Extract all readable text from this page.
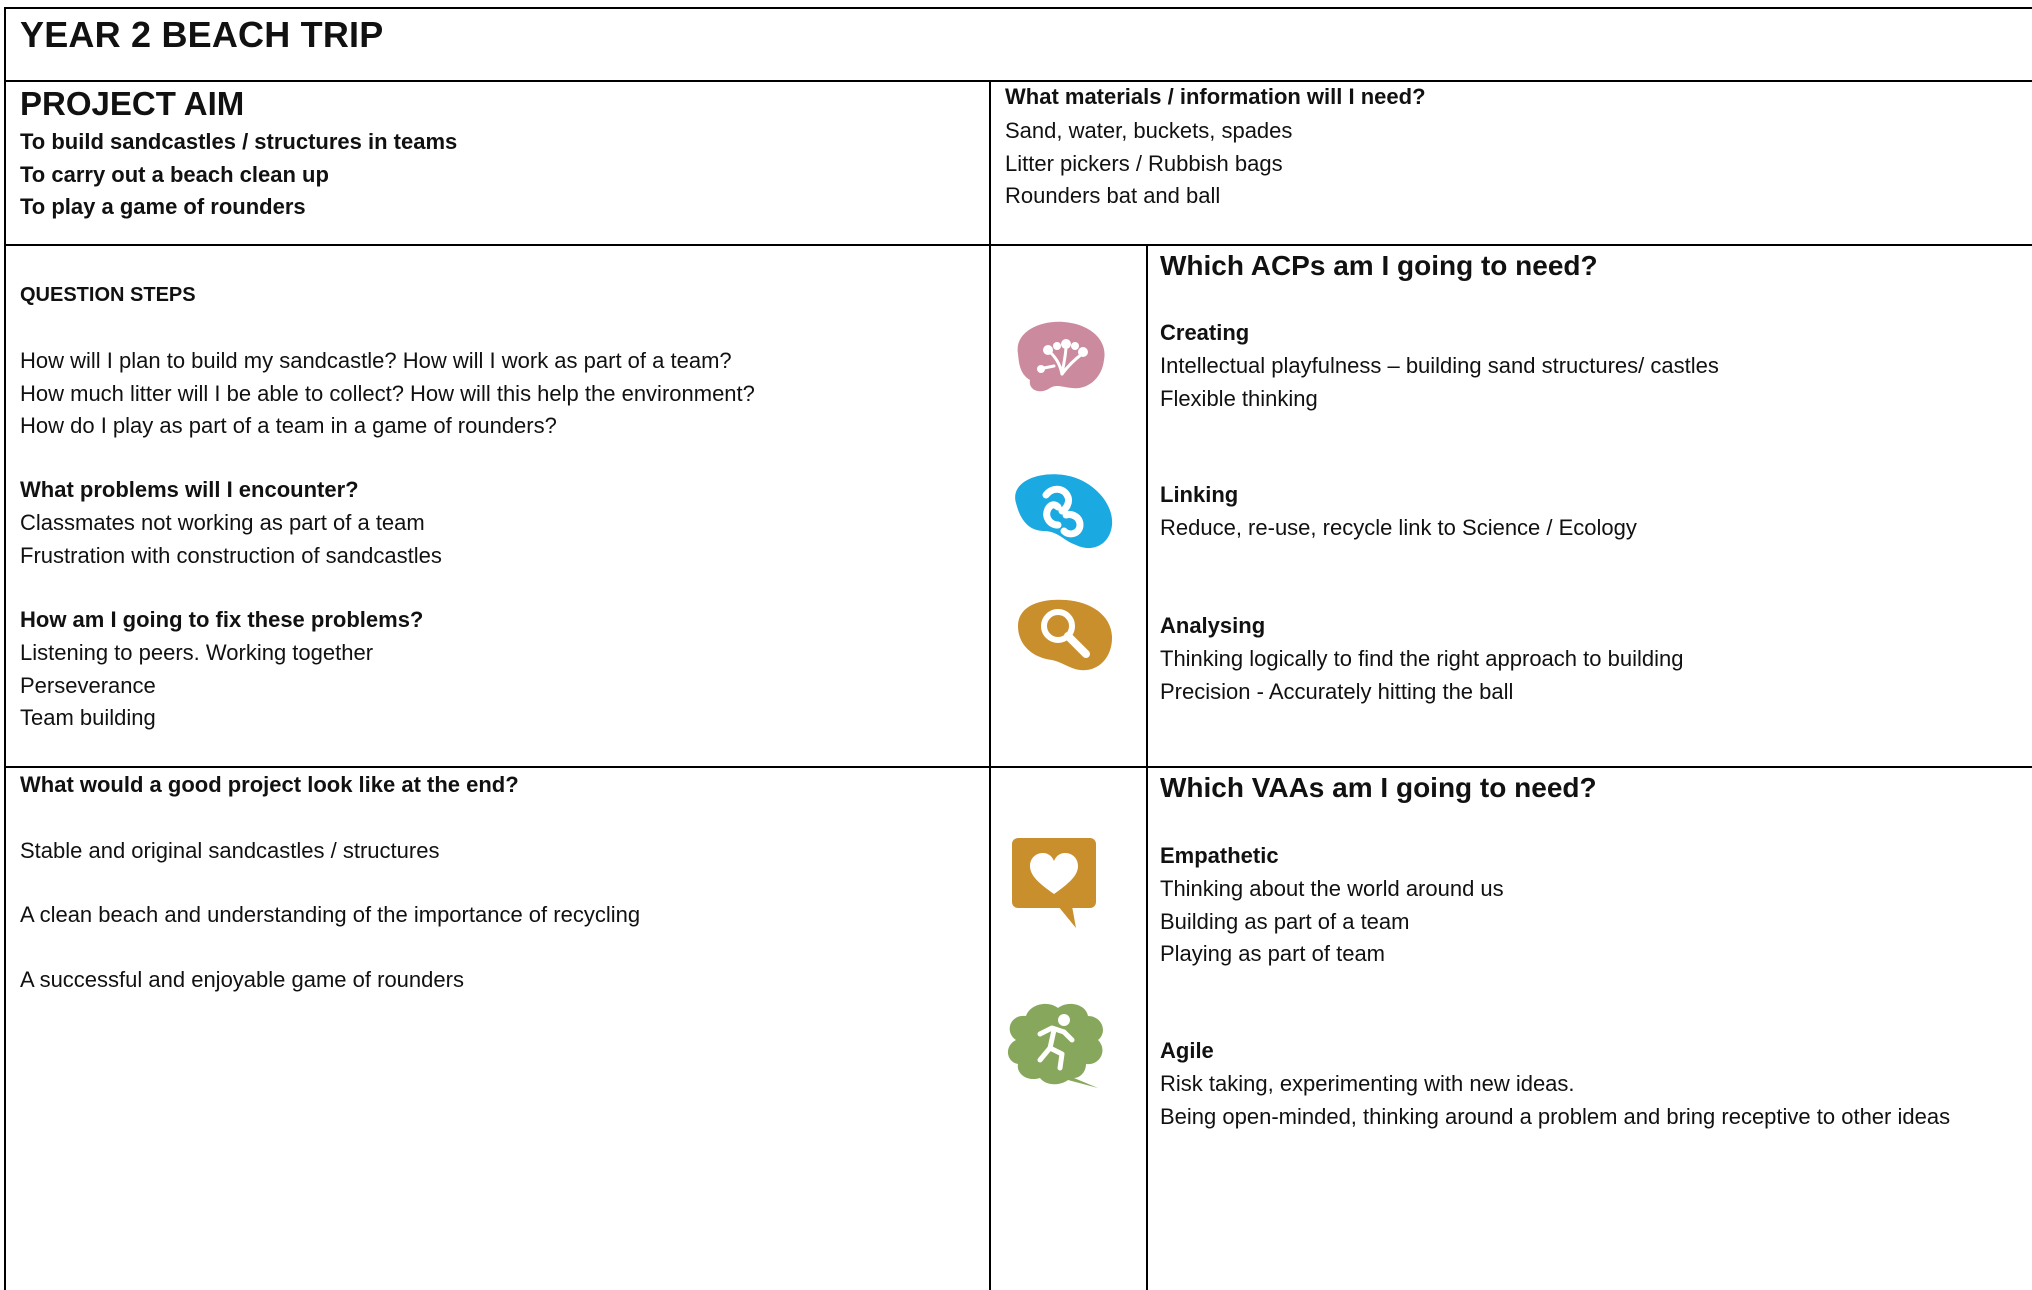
YEAR 2 BEACH TRIP
PROJECT AIM
To build sandcastles / structures in teams
To carry out a beach clean up
To play a game of rounders
What materials / information will I need?
Sand, water, buckets, spades
Litter pickers / Rubbish bags
Rounders bat and ball
QUESTION STEPS
How will I plan to build my sandcastle? How will I work as part of a team?
How much litter will I be able to collect? How will this help the environment?
How do I play as part of a team in a game of rounders?
What problems will I encounter?
Classmates not working as part of a team
Frustration with construction of sandcastles
How am I going to fix these problems?
Listening to peers. Working together
Perseverance
Team building
Which ACPs am I going to need?
Creating
Intellectual playfulness – building sand structures/ castles
Flexible thinking
Linking
Reduce, re-use, recycle link to Science / Ecology
Analysing
Thinking logically to find the right approach to building
Precision - Accurately hitting the ball
What would a good project look like at the end?
Stable and original sandcastles / structures
A clean beach and understanding of the importance of recycling
A successful and enjoyable game of rounders
Which VAAs am I going to need?
Empathetic
Thinking about the world around us
Building as part of a team
Playing as part of team
Agile
Risk taking, experimenting with new ideas.
Being open-minded, thinking around a problem and bring receptive to other ideas
